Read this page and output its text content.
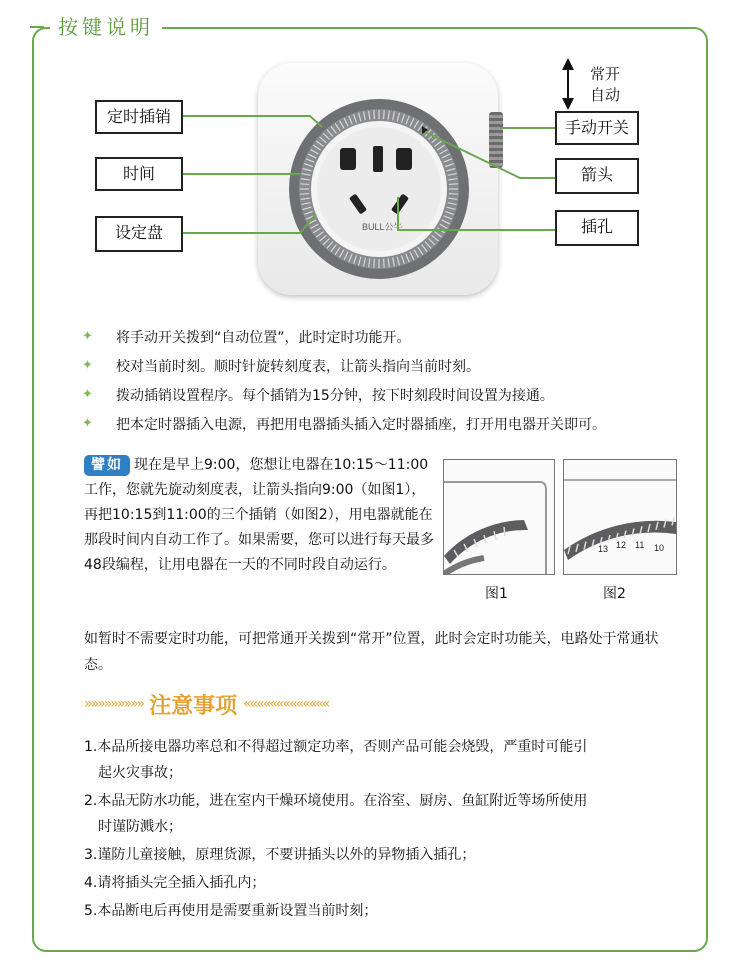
按键说明
BULL公牛
定时插销
时间
设定盘
手动开关
箭头
插孔
常开
自动
✦	将手动开关拨到“自动位置”，此时定时功能开。
✦	校对当前时刻。顺时针旋转刻度表，让箭头指向当前时刻。
✦	拨动插销设置程序。每个插销为15分钟，按下时刻段时间设置为接通。
✦	把本定时器插入电源，再把用电器插头插入定时器插座，打开用电器开关即可。
譬如 现在是早上9:00，您想让电器在10:15～11:00工作，您就先旋动刻度表，让箭头指向9:00（如图1），再把10:15到11:00的三个插销（如图2），用电器就能在那段时间内自动工作了。如果需要，您可以进行每天最多48段编程，让用电器在一天的不同时段自动运行。
13 12 11 10
图1	图2
如暂时不需要定时功能，可把常通开关拨到“常开”位置，此时会定时功能关，电路处于常通状态。
»»»»»»»»» 注意事项 «««««««««««««
1.本品所接电器功率总和不得超过额定功率，否则产品可能会烧毁，严重时可能引
起火灾事故；
2.本品无防水功能，进在室内干燥环境使用。在浴室、厨房、鱼缸附近等场所使用
时谨防溅水；
3.谨防儿童接触，原理货源，不要讲插头以外的异物插入插孔；
4.请将插头完全插入插孔内；
5.本品断电后再使用是需要重新设置当前时刻；
